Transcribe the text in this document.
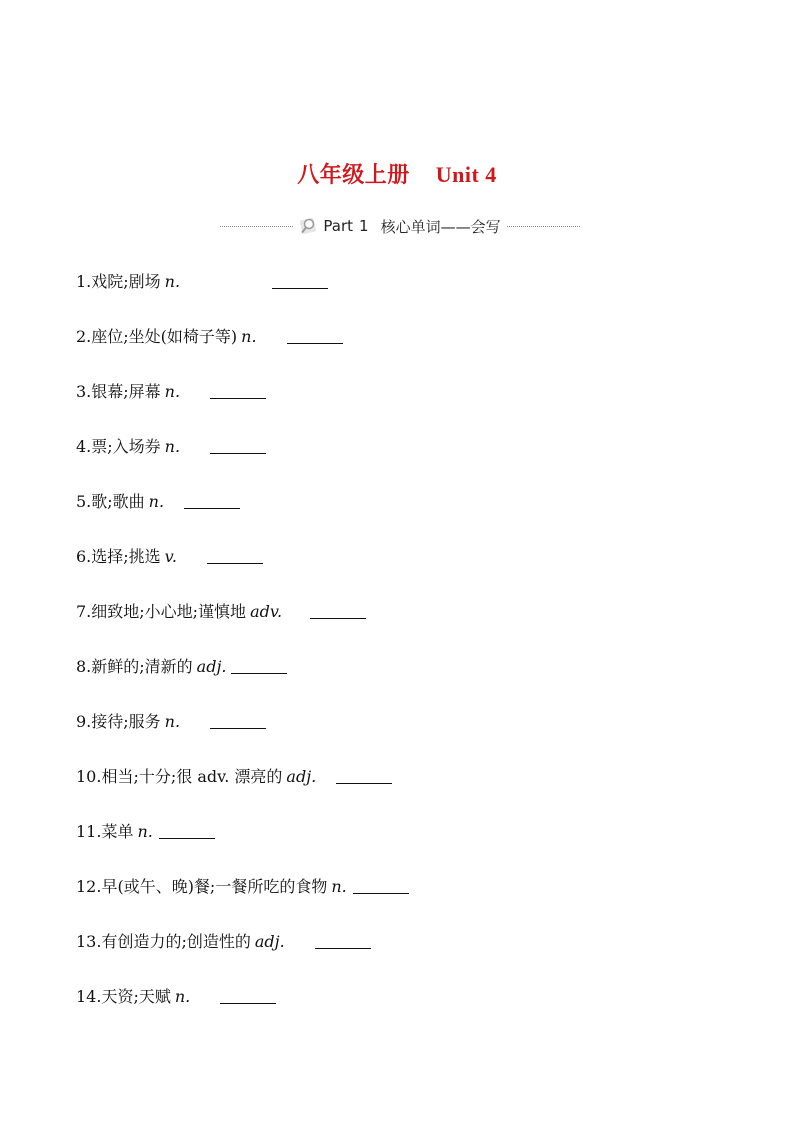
八年级上册 Unit 4
Part 1 核心单词——会写
1.戏院;剧场 n.
2.座位;坐处(如椅子等) n.
3.银幕;屏幕 n.
4.票;入场券 n.
5.歌;歌曲 n.
6.选择;挑选 v.
7.细致地;小心地;谨慎地 adv.
8.新鲜的;清新的 adj.
9.接待;服务 n.
10.相当;十分;很 adv. 漂亮的 adj.
11.菜单 n.
12.早(或午、晚)餐;一餐所吃的食物 n.
13.有创造力的;创造性的 adj.
14.天资;天赋 n.
